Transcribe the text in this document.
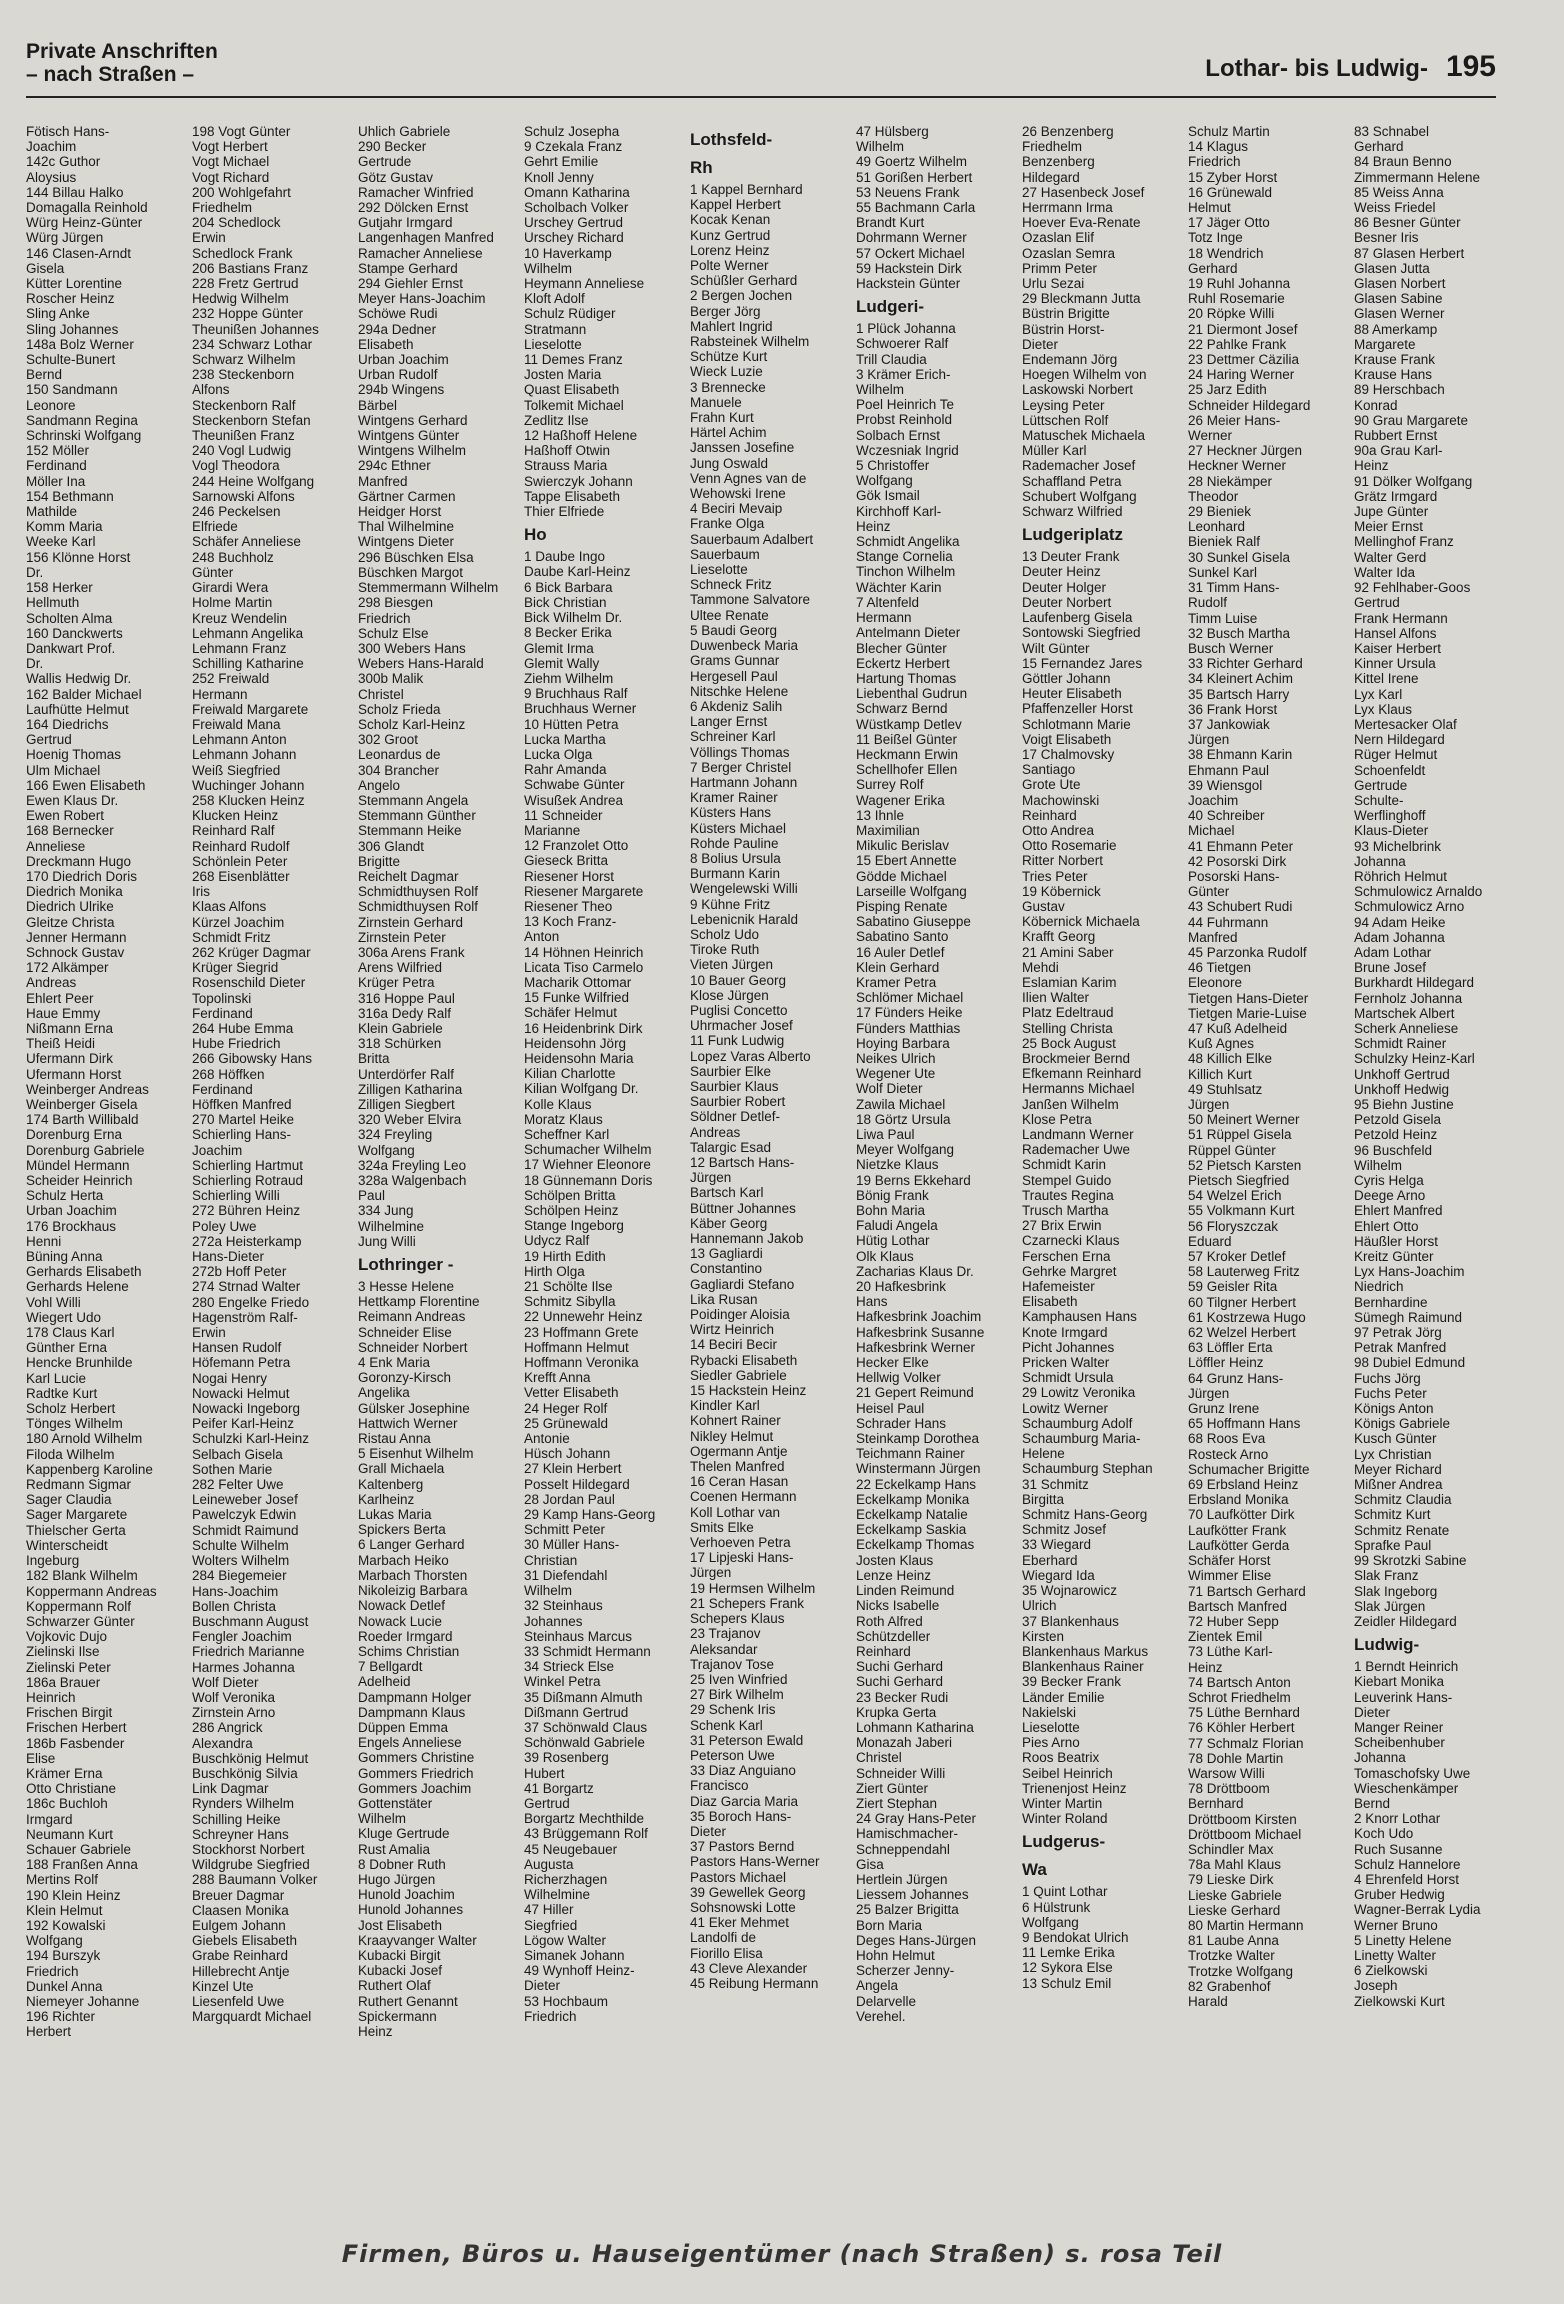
Private Anschriften
– nach Straßen –	Lothar- bis Ludwig- 195
Fötisch Hans-
Joachim
142c Guthor
Aloysius
144 Billau Halko
Domagalla Reinhold
Würg Heinz-Günter
Würg Jürgen
146 Clasen-Arndt
Gisela
Kütter Lorentine
Roscher Heinz
Sling Anke
Sling Johannes
148a Bolz Werner
Schulte-Bunert
Bernd
150 Sandmann
Leonore
Sandmann Regina
Schrinski Wolfgang
152 Möller
Ferdinand
Möller Ina
154 Bethmann
Mathilde
Komm Maria
Weeke Karl
156 Klönne Horst
Dr.
158 Herker
Hellmuth
Scholten Alma
160 Danckwerts
Dankwart Prof.
Dr.
Wallis Hedwig Dr.
162 Balder Michael
Laufhütte Helmut
164 Diedrichs
Gertrud
Hoenig Thomas
Ulm Michael
166 Ewen Elisabeth
Ewen Klaus Dr.
Ewen Robert
168 Bernecker
Anneliese
Dreckmann Hugo
170 Diedrich Doris
Diedrich Monika
Diedrich Ulrike
Gleitze Christa
Jenner Hermann
Schnock Gustav
172 Alkämper
Andreas
Ehlert Peer
Haue Emmy
Nißmann Erna
Theiß Heidi
Ufermann Dirk
Ufermann Horst
Weinberger Andreas
Weinberger Gisela
174 Barth Willibald
Dorenburg Erna
Dorenburg Gabriele
Mündel Hermann
Scheider Heinrich
Schulz Herta
Urban Joachim
176 Brockhaus
Henni
Büning Anna
Gerhards Elisabeth
Gerhards Helene
Vohl Willi
Wiegert Udo
178 Claus Karl
Günther Erna
Hencke Brunhilde
Karl Lucie
Radtke Kurt
Scholz Herbert
Tönges Wilhelm
180 Arnold Wilhelm
Filoda Wilhelm
Kappenberg Karoline
Redmann Sigmar
Sager Claudia
Sager Margarete
Thielscher Gerta
Winterscheidt
Ingeburg
182 Blank Wilhelm
Koppermann Andreas
Koppermann Rolf
Schwarzer Günter
Vojkovic Dujo
Zielinski Ilse
Zielinski Peter
186a Brauer
Heinrich
Frischen Birgit
Frischen Herbert
186b Fasbender
Elise
Krämer Erna
Otto Christiane
186c Buchloh
Irmgard
Neumann Kurt
Schauer Gabriele
188 Franßen Anna
Mertins Rolf
190 Klein Heinz
Klein Helmut
192 Kowalski
Wolfgang
194 Burszyk
Friedrich
Dunkel Anna
Niemeyer Johanne
196 Richter
Herbert
198 Vogt Günter
Vogt Herbert
Vogt Michael
Vogt Richard
200 Wohlgefahrt
Friedhelm
204 Schedlock
Erwin
Schedlock Frank
206 Bastians Franz
228 Fretz Gertrud
Hedwig Wilhelm
232 Hoppe Günter
Theunißen Johannes
234 Schwarz Lothar
Schwarz Wilhelm
238 Steckenborn
Alfons
Steckenborn Ralf
Steckenborn Stefan
Theunißen Franz
240 Vogl Ludwig
Vogl Theodora
244 Heine Wolfgang
Sarnowski Alfons
246 Peckelsen
Elfriede
Schäfer Anneliese
248 Buchholz
Günter
Girardi Wera
Holme Martin
Kreuz Wendelin
Lehmann Angelika
Lehmann Franz
Schilling Katharine
252 Freiwald
Hermann
Freiwald Margarete
Freiwald Mana
Lehmann Anton
Lehmann Johann
Weiß Siegfried
Wuchinger Johann
258 Klucken Heinz
Klucken Heinz
Reinhard Ralf
Reinhard Rudolf
Schönlein Peter
268 Eisenblätter
Iris
Klaas Alfons
Kürzel Joachim
Schmidt Fritz
262 Krüger Dagmar
Krüger Siegrid
Rosenschild Dieter
Topolinski
Ferdinand
264 Hube Emma
Hube Friedrich
266 Gibowsky Hans
268 Höffken
Ferdinand
Höffken Manfred
270 Martel Heike
Schierling Hans-
Joachim
Schierling Hartmut
Schierling Rotraud
Schierling Willi
272 Bühren Heinz
Poley Uwe
272a Heisterkamp
Hans-Dieter
272b Hoff Peter
274 Strnad Walter
280 Engelke Friedo
Hagenström Ralf-
Erwin
Hansen Rudolf
Höfemann Petra
Nogai Henry
Nowacki Helmut
Nowacki Ingeborg
Peifer Karl-Heinz
Schulzki Karl-Heinz
Selbach Gisela
Sothen Marie
282 Felter Uwe
Leineweber Josef
Pawelczyk Edwin
Schmidt Raimund
Schulte Wilhelm
Wolters Wilhelm
284 Biegemeier
Hans-Joachim
Bollen Christa
Buschmann August
Fengler Joachim
Friedrich Marianne
Harmes Johanna
Wolf Dieter
Wolf Veronika
Zirnstein Arno
286 Angrick
Alexandra
Buschkönig Helmut
Buschkönig Silvia
Link Dagmar
Rynders Wilhelm
Schilling Heike
Schreyner Hans
Stockhorst Norbert
Wildgrube Siegfried
288 Baumann Volker
Breuer Dagmar
Claasen Monika
Eulgem Johann
Giebels Elisabeth
Grabe Reinhard
Hillebrecht Antje
Kinzel Ute
Liesenfeld Uwe
Margquardt Michael
Uhlich Gabriele
290 Becker
Gertrude
Götz Gustav
Ramacher Winfried
292 Dölcken Ernst
Gutjahr Irmgard
Langenhagen Manfred
Ramacher Anneliese
Stampe Gerhard
294 Giehler Ernst
Meyer Hans-Joachim
Schöwe Rudi
294a Dedner
Elisabeth
Urban Joachim
Urban Rudolf
294b Wingens
Bärbel
Wintgens Gerhard
Wintgens Günter
Wintgens Wilhelm
294c Ethner
Manfred
Gärtner Carmen
Heidger Horst
Thal Wilhelmine
Wintgens Dieter
296 Büschken Elsa
Büschken Margot
Stemmermann Wilhelm
298 Biesgen
Friedrich
Schulz Else
300 Webers Hans
Webers Hans-Harald
300b Malik
Christel
Scholz Frieda
Scholz Karl-Heinz
302 Groot
Leonardus de
304 Brancher
Angelo
Stemmann Angela
Stemmann Günther
Stemmann Heike
306 Glandt
Brigitte
Reichelt Dagmar
Schmidthuysen Rolf
Schmidthuysen Rolf
Zirnstein Gerhard
Zirnstein Peter
306a Arens Frank
Arens Wilfried
Krüger Petra
316 Hoppe Paul
316a Dedy Ralf
Klein Gabriele
318 Schürken
Britta
Unterdörfer Ralf
Zilligen Katharina
Zilligen Siegbert
320 Weber Elvira
324 Freyling
Wolfgang
324a Freyling Leo
328a Walgenbach
Paul
334 Jung
Wilhelmine
Jung Willi
Lothringer -
3 Hesse Helene
Hettkamp Florentine
Reimann Andreas
Schneider Elise
Schneider Norbert
4 Enk Maria
Goronzy-Kirsch
Angelika
Gülsker Josephine
Hattwich Werner
Ristau Anna
5 Eisenhut Wilhelm
Grall Michaela
Kaltenberg
Karlheinz
Lukas Maria
Spickers Berta
6 Langer Gerhard
Marbach Heiko
Marbach Thorsten
Nikoleizig Barbara
Nowack Detlef
Nowack Lucie
Roeder Irmgard
Schims Christian
7 Bellgardt
Adelheid
Dampmann Holger
Dampmann Klaus
Düppen Emma
Engels Anneliese
Gommers Christine
Gommers Friedrich
Gommers Joachim
Gottenstäter
Wilhelm
Kluge Gertrude
Rust Amalia
8 Dobner Ruth
Hugo Jürgen
Hunold Joachim
Hunold Johannes
Jost Elisabeth
Kraayvanger Walter
Kubacki Birgit
Kubacki Josef
Ruthert Olaf
Ruthert Genannt
Spickermann
Heinz
Schulz Josepha
9 Czekala Franz
Gehrt Emilie
Knoll Jenny
Omann Katharina
Scholbach Volker
Urschey Gertrud
Urschey Richard
10 Haverkamp
Wilhelm
Heymann Anneliese
Kloft Adolf
Schulz Rüdiger
Stratmann
Lieselotte
11 Demes Franz
Josten Maria
Quast Elisabeth
Tolkemit Michael
Zedlitz Ilse
12 Haßhoff Helene
Haßhoff Otwin
Strauss Maria
Swierczyk Johann
Tappe Elisabeth
Thier Elfriede
Ho
1 Daube Ingo
Daube Karl-Heinz
6 Bick Barbara
Bick Christian
Bick Wilhelm Dr.
8 Becker Erika
Glemit Irma
Glemit Wally
Ziehm Wilhelm
9 Bruchhaus Ralf
Bruchhaus Werner
10 Hütten Petra
Lucka Martha
Lucka Olga
Rahr Amanda
Schwabe Günter
Wisußek Andrea
11 Schneider
Marianne
12 Franzolet Otto
Gieseck Britta
Riesener Horst
Riesener Margarete
Riesener Theo
13 Koch Franz-
Anton
14 Höhnen Heinrich
Licata Tiso Carmelo
Macharik Ottomar
15 Funke Wilfried
Schäfer Helmut
16 Heidenbrink Dirk
Heidensohn Jörg
Heidensohn Maria
Kilian Charlotte
Kilian Wolfgang Dr.
Kolle Klaus
Moratz Klaus
Scheffner Karl
Schumacher Wilhelm
17 Wiehner Eleonore
18 Günnemann Doris
Schölpen Britta
Schölpen Heinz
Stange Ingeborg
Udycz Ralf
19 Hirth Edith
Hirth Olga
21 Schölte Ilse
Schmitz Sibylla
22 Unnewehr Heinz
23 Hoffmann Grete
Hoffmann Helmut
Hoffmann Veronika
Krefft Anna
Vetter Elisabeth
24 Heger Rolf
25 Grünewald
Antonie
Hüsch Johann
27 Klein Herbert
Posselt Hildegard
28 Jordan Paul
29 Kamp Hans-Georg
Schmitt Peter
30 Müller Hans-
Christian
31 Diefendahl
Wilhelm
32 Steinhaus
Johannes
Steinhaus Marcus
33 Schmidt Hermann
34 Strieck Else
Winkel Petra
35 Dißmann Almuth
Dißmann Gertrud
37 Schönwald Claus
Schönwald Gabriele
39 Rosenberg
Hubert
41 Borgartz
Gertrud
Borgartz Mechthilde
43 Brüggemann Rolf
45 Neugebauer
Augusta
Richerzhagen
Wilhelmine
47 Hiller
Siegfried
Lögow Walter
Simanek Johann
49 Wynhoff Heinz-
Dieter
53 Hochbaum
Friedrich
Lothsfeld-
Rh
1 Kappel Bernhard
Kappel Herbert
Kocak Kenan
Kunz Gertrud
Lorenz Heinz
Polte Werner
Schüßler Gerhard
2 Bergen Jochen
Berger Jörg
Mahlert Ingrid
Rabsteinek Wilhelm
Schütze Kurt
Wieck Luzie
3 Brennecke
Manuele
Frahn Kurt
Härtel Achim
Janssen Josefine
Jung Oswald
Venn Agnes van de
Wehowski Irene
4 Beciri Mevaip
Franke Olga
Sauerbaum Adalbert
Sauerbaum
Lieselotte
Schneck Fritz
Tammone Salvatore
Ultee Renate
5 Baudi Georg
Duwenbeck Maria
Grams Gunnar
Hergesell Paul
Nitschke Helene
6 Akdeniz Salih
Langer Ernst
Schreiner Karl
Völlings Thomas
7 Berger Christel
Hartmann Johann
Kramer Rainer
Küsters Hans
Küsters Michael
Rohde Pauline
8 Bolius Ursula
Burmann Karin
Wengelewski Willi
9 Kühne Fritz
Lebenicnik Harald
Scholz Udo
Tiroke Ruth
Vieten Jürgen
10 Bauer Georg
Klose Jürgen
Puglisi Concetto
Uhrmacher Josef
11 Funk Ludwig
Lopez Varas Alberto
Saurbier Elke
Saurbier Klaus
Saurbier Robert
Söldner Detlef-
Andreas
Talargic Esad
12 Bartsch Hans-
Jürgen
Bartsch Karl
Büttner Johannes
Käber Georg
Hannemann Jakob
13 Gagliardi
Constantino
Gagliardi Stefano
Lika Rusan
Poidinger Aloisia
Wirtz Heinrich
14 Beciri Becir
Rybacki Elisabeth
Siedler Gabriele
15 Hackstein Heinz
Kindler Karl
Kohnert Rainer
Nikley Helmut
Ogermann Antje
Thelen Manfred
16 Ceran Hasan
Coenen Hermann
Koll Lothar van
Smits Elke
Verhoeven Petra
17 Lipjeski Hans-
Jürgen
19 Hermsen Wilhelm
21 Schepers Frank
Schepers Klaus
23 Trajanov
Aleksandar
Trajanov Tose
25 Iven Winfried
27 Birk Wilhelm
29 Schenk Iris
Schenk Karl
31 Peterson Ewald
Peterson Uwe
33 Diaz Anguiano
Francisco
Diaz Garcia Maria
35 Boroch Hans-
Dieter
37 Pastors Bernd
Pastors Hans-Werner
Pastors Michael
39 Gewellek Georg
Sohsnowski Lotte
41 Eker Mehmet
Landolfi de
Fiorillo Elisa
43 Cleve Alexander
45 Reibung Hermann
47 Hülsberg
Wilhelm
49 Goertz Wilhelm
51 Gorißen Herbert
53 Neuens Frank
55 Bachmann Carla
Brandt Kurt
Dohrmann Werner
57 Ockert Michael
59 Hackstein Dirk
Hackstein Günter
Ludgeri-
1 Plück Johanna
Schwoerer Ralf
Trill Claudia
3 Krämer Erich-
Wilhelm
Poel Heinrich Te
Probst Reinhold
Solbach Ernst
Wczesniak Ingrid
5 Christoffer
Wolfgang
Gök Ismail
Kirchhoff Karl-
Heinz
Schmidt Angelika
Stange Cornelia
Tinchon Wilhelm
Wächter Karin
7 Altenfeld
Hermann
Antelmann Dieter
Blecher Günter
Eckertz Herbert
Hartung Thomas
Liebenthal Gudrun
Schwarz Bernd
Wüstkamp Detlev
11 Beißel Günter
Heckmann Erwin
Schellhofer Ellen
Surrey Rolf
Wagener Erika
13 Ihnle
Maximilian
Mikulic Berislav
15 Ebert Annette
Gödde Michael
Larseille Wolfgang
Pisping Renate
Sabatino Giuseppe
Sabatino Santo
16 Auler Detlef
Klein Gerhard
Kramer Petra
Schlömer Michael
17 Fünders Heike
Fünders Matthias
Hoying Barbara
Neikes Ulrich
Wegener Ute
Wolf Dieter
Zawila Michael
18 Görtz Ursula
Liwa Paul
Meyer Wolfgang
Nietzke Klaus
19 Berns Ekkehard
Bönig Frank
Bohn Maria
Faludi Angela
Hütig Lothar
Olk Klaus
Zacharias Klaus Dr.
20 Hafkesbrink
Hans
Hafkesbrink Joachim
Hafkesbrink Susanne
Hafkesbrink Werner
Hecker Elke
Hellwig Volker
21 Gepert Reimund
Heisel Paul
Schrader Hans
Steinkamp Dorothea
Teichmann Rainer
Winstermann Jürgen
22 Eckelkamp Hans
Eckelkamp Monika
Eckelkamp Natalie
Eckelkamp Saskia
Eckelkamp Thomas
Josten Klaus
Lenze Heinz
Linden Reimund
Nicks Isabelle
Roth Alfred
Schützdeller
Reinhard
Suchi Gerhard
Suchi Gerhard
23 Becker Rudi
Krupka Gerta
Lohmann Katharina
Monazah Jaberi
Christel
Schneider Willi
Ziert Günter
Ziert Stephan
24 Gray Hans-Peter
Hamischmacher-
Schneppendahl
Gisa
Hertlein Jürgen
Liessem Johannes
25 Balzer Brigitta
Born Maria
Deges Hans-Jürgen
Hohn Helmut
Scherzer Jenny-
Angela
Delarvelle
Verehel.
26 Benzenberg
Friedhelm
Benzenberg
Hildegard
27 Hasenbeck Josef
Herrmann Irma
Hoever Eva-Renate
Ozaslan Elif
Ozaslan Semra
Primm Peter
Urlu Sezai
29 Bleckmann Jutta
Büstrin Brigitte
Büstrin Horst-
Dieter
Endemann Jörg
Hoegen Wilhelm von
Laskowski Norbert
Leysing Peter
Lüttschen Rolf
Matuschek Michaela
Müller Karl
Rademacher Josef
Schaffland Petra
Schubert Wolfgang
Schwarz Wilfried
Ludgeriplatz
13 Deuter Frank
Deuter Heinz
Deuter Holger
Deuter Norbert
Laufenberg Gisela
Sontowski Siegfried
Wilt Günter
15 Fernandez Jares
Göttler Johann
Heuter Elisabeth
Pfaffenzeller Horst
Schlotmann Marie
Voigt Elisabeth
17 Chalmovsky
Santiago
Grote Ute
Machowinski
Reinhard
Otto Andrea
Otto Rosemarie
Ritter Norbert
Tries Peter
19 Köbernick
Gustav
Köbernick Michaela
Krafft Georg
21 Amini Saber
Mehdi
Eslamian Karim
Ilien Walter
Platz Edeltraud
Stelling Christa
25 Bock August
Brockmeier Bernd
Efkemann Reinhard
Hermanns Michael
Janßen Wilhelm
Klose Petra
Landmann Werner
Rademacher Uwe
Schmidt Karin
Stempel Guido
Trautes Regina
Trusch Martha
27 Brix Erwin
Czarnecki Klaus
Ferschen Erna
Gehrke Margret
Hafemeister
Elisabeth
Kamphausen Hans
Knote Irmgard
Picht Johannes
Pricken Walter
Schmidt Ursula
29 Lowitz Veronika
Lowitz Werner
Schaumburg Adolf
Schaumburg Maria-
Helene
Schaumburg Stephan
31 Schmitz
Birgitta
Schmitz Hans-Georg
Schmitz Josef
33 Wiegard
Eberhard
Wiegard Ida
35 Wojnarowicz
Ulrich
37 Blankenhaus
Kirsten
Blankenhaus Markus
Blankenhaus Rainer
39 Becker Frank
Länder Emilie
Nakielski
Lieselotte
Pies Arno
Roos Beatrix
Seibel Heinrich
Trienenjost Heinz
Winter Martin
Winter Roland
Ludgerus-
Wa
1 Quint Lothar
6 Hülstrunk
Wolfgang
9 Bendokat Ulrich
11 Lemke Erika
12 Sykora Else
13 Schulz Emil
Schulz Martin
14 Klagus
Friedrich
15 Zyber Horst
16 Grünewald
Helmut
17 Jäger Otto
Totz Inge
18 Wendrich
Gerhard
19 Ruhl Johanna
Ruhl Rosemarie
20 Röpke Willi
21 Diermont Josef
22 Pahlke Frank
23 Dettmer Cäzilia
24 Haring Werner
25 Jarz Edith
Schneider Hildegard
26 Meier Hans-
Werner
27 Heckner Jürgen
Heckner Werner
28 Niekämper
Theodor
29 Bieniek
Leonhard
Bieniek Ralf
30 Sunkel Gisela
Sunkel Karl
31 Timm Hans-
Rudolf
Timm Luise
32 Busch Martha
Busch Werner
33 Richter Gerhard
34 Kleinert Achim
35 Bartsch Harry
36 Frank Horst
37 Jankowiak
Jürgen
38 Ehmann Karin
Ehmann Paul
39 Wiensgol
Joachim
40 Schreiber
Michael
41 Ehmann Peter
42 Posorski Dirk
Posorski Hans-
Günter
43 Schubert Rudi
44 Fuhrmann
Manfred
45 Parzonka Rudolf
46 Tietgen
Eleonore
Tietgen Hans-Dieter
Tietgen Marie-Luise
47 Kuß Adelheid
Kuß Agnes
48 Killich Elke
Killich Kurt
49 Stuhlsatz
Jürgen
50 Meinert Werner
51 Rüppel Gisela
Rüppel Günter
52 Pietsch Karsten
Pietsch Siegfried
54 Welzel Erich
55 Volkmann Kurt
56 Floryszczak
Eduard
57 Kroker Detlef
58 Lauterweg Fritz
59 Geisler Rita
60 Tilgner Herbert
61 Kostrzewa Hugo
62 Welzel Herbert
63 Löffler Erta
Löffler Heinz
64 Grunz Hans-
Jürgen
Grunz Irene
65 Hoffmann Hans
68 Roos Eva
Rosteck Arno
Schumacher Brigitte
69 Erbsland Heinz
Erbsland Monika
70 Laufkötter Dirk
Laufkötter Frank
Laufkötter Gerda
Schäfer Horst
Wimmer Elise
71 Bartsch Gerhard
Bartsch Manfred
72 Huber Sepp
Zientek Emil
73 Lüthe Karl-
Heinz
74 Bartsch Anton
Schrot Friedhelm
75 Lüthe Bernhard
76 Köhler Herbert
77 Schmalz Florian
78 Dohle Martin
Warsow Willi
78 Dröttboom
Bernhard
Dröttboom Kirsten
Dröttboom Michael
Schindler Max
78a Mahl Klaus
79 Lieske Dirk
Lieske Gabriele
Lieske Gerhard
80 Martin Hermann
81 Laube Anna
Trotzke Walter
Trotzke Wolfgang
82 Grabenhof
Harald
83 Schnabel
Gerhard
84 Braun Benno
Zimmermann Helene
85 Weiss Anna
Weiss Friedel
86 Besner Günter
Besner Iris
87 Glasen Herbert
Glasen Jutta
Glasen Norbert
Glasen Sabine
Glasen Werner
88 Amerkamp
Margarete
Krause Frank
Krause Hans
89 Herschbach
Konrad
90 Grau Margarete
Rubbert Ernst
90a Grau Karl-
Heinz
91 Dölker Wolfgang
Grätz Irmgard
Jupe Günter
Meier Ernst
Mellinghof Franz
Walter Gerd
Walter Ida
92 Fehlhaber-Goos
Gertrud
Frank Hermann
Hansel Alfons
Kaiser Herbert
Kinner Ursula
Kittel Irene
Lyx Karl
Lyx Klaus
Mertesacker Olaf
Nern Hildegard
Rüger Helmut
Schoenfeldt
Gertrude
Schulte-
Werflinghoff
Klaus-Dieter
93 Michelbrink
Johanna
Röhrich Helmut
Schmulowicz Arnaldo
Schmulowicz Arno
94 Adam Heike
Adam Johanna
Adam Lothar
Brune Josef
Burkhardt Hildegard
Fernholz Johanna
Martschek Albert
Scherk Anneliese
Schmidt Rainer
Schulzky Heinz-Karl
Unkhoff Gertrud
Unkhoff Hedwig
95 Biehn Justine
Petzold Gisela
Petzold Heinz
96 Buschfeld
Wilhelm
Cyris Helga
Deege Arno
Ehlert Manfred
Ehlert Otto
Häußler Horst
Kreitz Günter
Lyx Hans-Joachim
Niedrich
Bernhardine
Sümegh Raimund
97 Petrak Jörg
Petrak Manfred
98 Dubiel Edmund
Fuchs Jörg
Fuchs Peter
Königs Anton
Königs Gabriele
Kusch Günter
Lyx Christian
Meyer Richard
Mißner Andrea
Schmitz Claudia
Schmitz Kurt
Schmitz Renate
Sprafke Paul
99 Skrotzki Sabine
Slak Franz
Slak Ingeborg
Slak Jürgen
Zeidler Hildegard
Ludwig-
1 Berndt Heinrich
Kiebart Monika
Leuverink Hans-
Dieter
Manger Reiner
Scheibenhuber
Johanna
Tomaschofsky Uwe
Wieschenkämper
Bernd
2 Knorr Lothar
Koch Udo
Ruch Susanne
Schulz Hannelore
4 Ehrenfeld Horst
Gruber Hedwig
Wagner-Berrak Lydia
Werner Bruno
5 Linetty Helene
Linetty Walter
6 Zielkowski
Joseph
Zielkowski Kurt
Firmen, Büros u. Hauseigentümer (nach Straßen) s. rosa Teil
